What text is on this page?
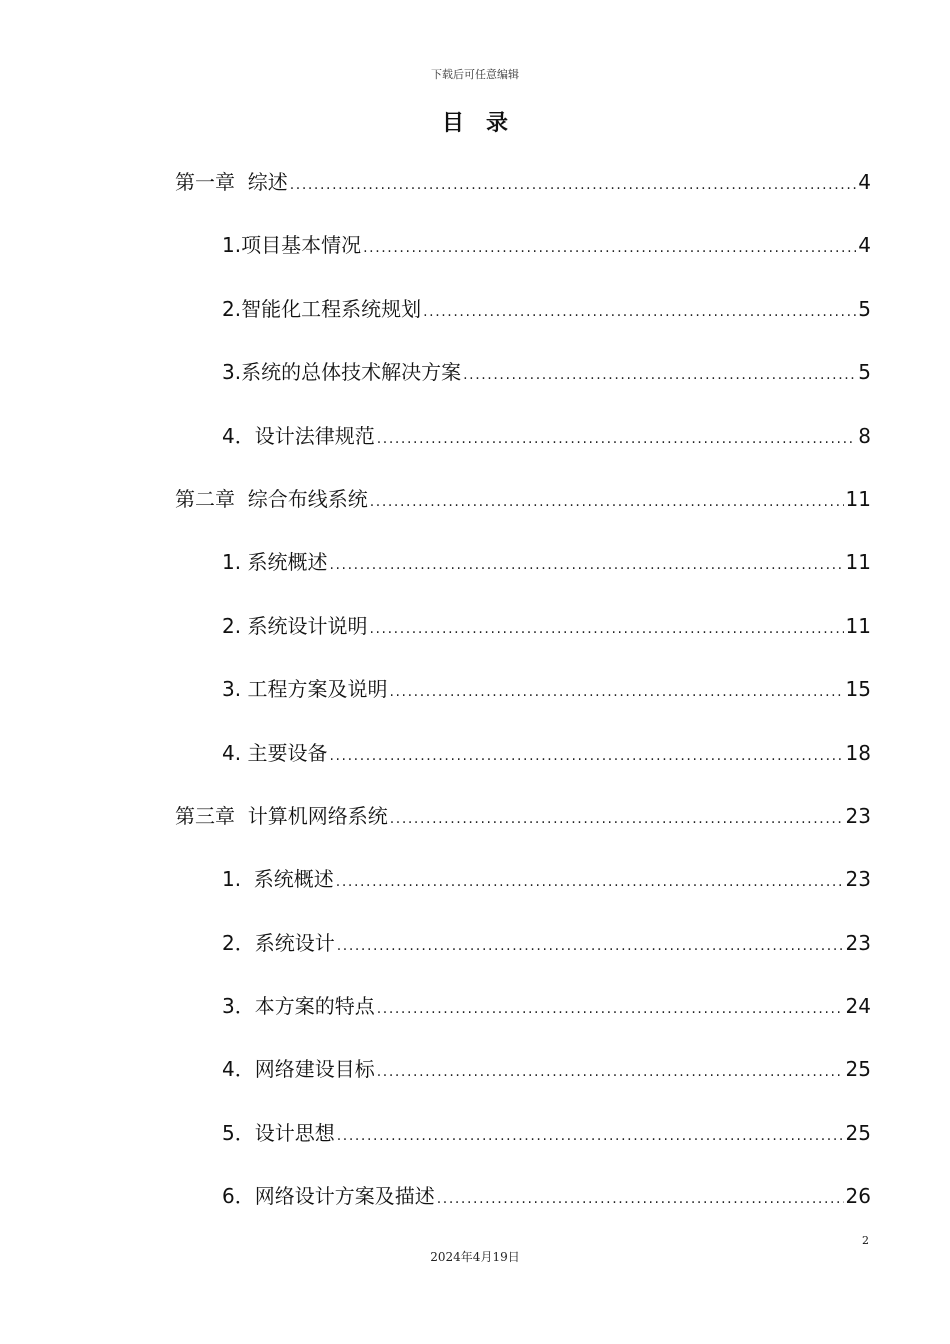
下载后可任意编辑
目录
第一章  综述 .....	4
1.项目基本情况 .....	4
2.智能化工程系统规划 .....	5
3.系统的总体技术解决方案 .....	5
4．设计法律规范 .....	8
第二章  综合布线系统 .....	11
1. 系统概述 .....	11
2. 系统设计说明 .....	11
3. 工程方案及说明 .....	15
4. 主要设备 .....	18
第三章  计算机网络系统 .....	23
1.  系统概述 .....	23
2．系统设计 .....	23
3．本方案的特点 .....	24
4．网络建设目标 .....	25
5．设计思想 .....	25
6．网络设计方案及描述 .....	26
2
2024年4月19日
